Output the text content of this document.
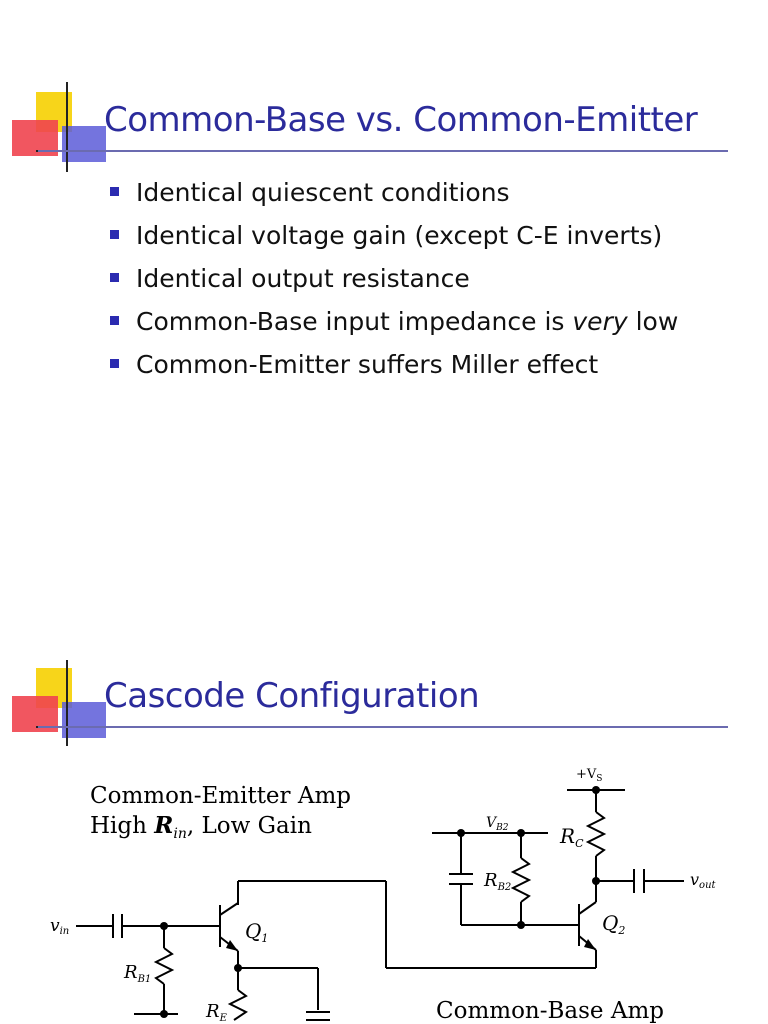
Common-Base vs. Common-Emitter
Identical quiescent conditions
Identical voltage gain (except C-E inverts)
Identical output resistance
Common-Base input impedance is very low
Common-Emitter suffers Miller effect
Cascode Configuration
$+V_S$
$V_{B2}$	$R_C$
$R_{B2}$
$Q_2$
vout
vin	$Q_1$
$R_{B1}$
$R_E$
Common-Emitter Amp
High $R_{in}$, Low Gain
Common-Base Amp
